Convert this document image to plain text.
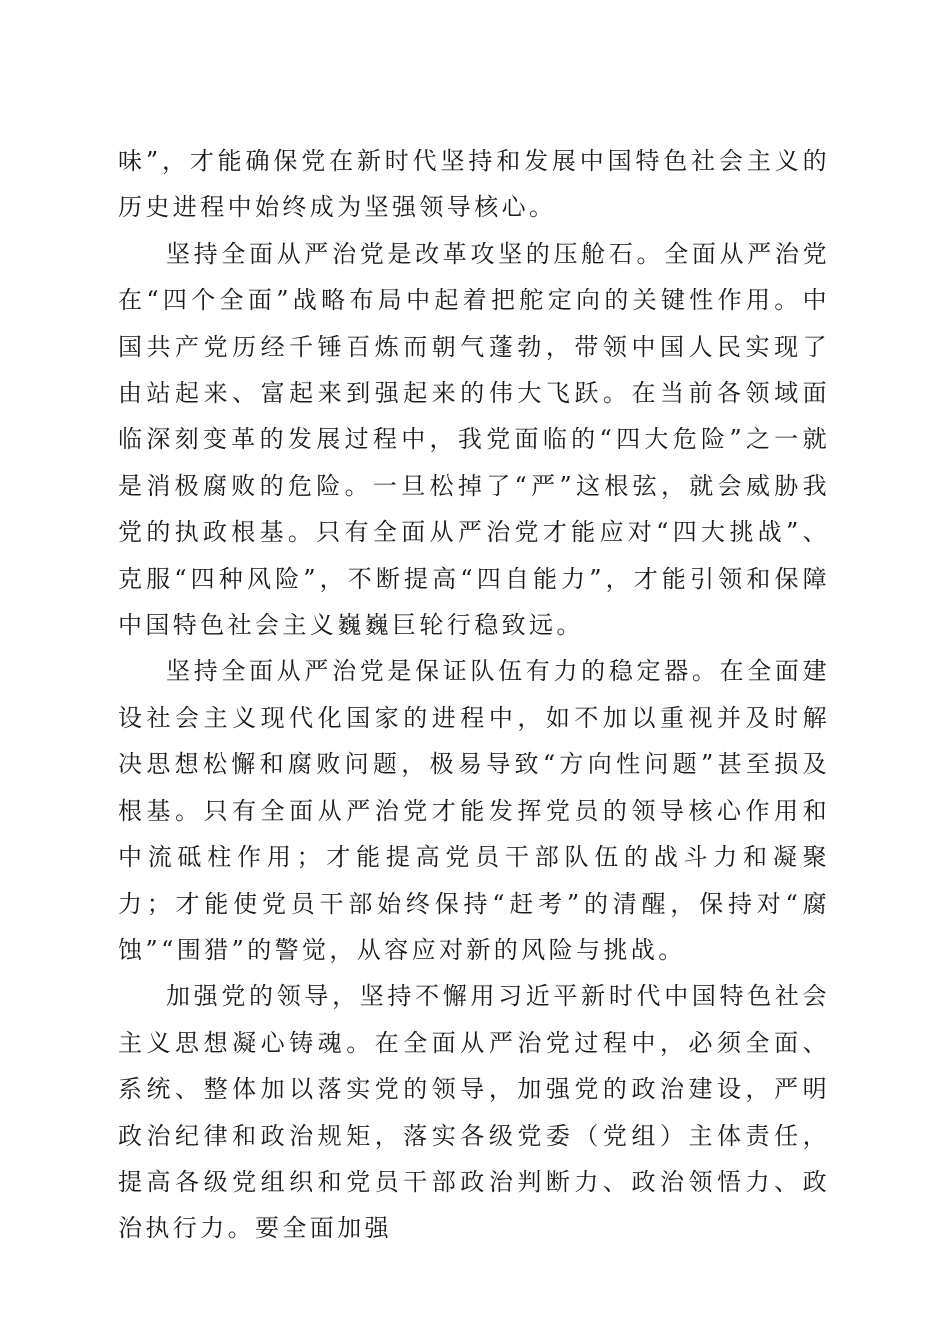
味”，才能确保党在新时代坚持和发展中国特色社会主义的历史进程中始终成为坚强领导核心。

坚持全面从严治党是改革攻坚的压舱石。全面从严治党在“四个全面”战略布局中起着把舵定向的关键性作用。中国共产党历经千锤百炼而朝气蓬勃，带领中国人民实现了由站起来、富起来到强起来的伟大飞跃。在当前各领域面临深刻变革的发展过程中，我党面临的“四大危险”之一就是消极腐败的危险。一旦松掉了“严”这根弦，就会威胁我党的执政根基。只有全面从严治党才能应对“四大挑战”、克服“四种风险”，不断提高“四自能力”，才能引领和保障中国特色社会主义巍巍巨轮行稳致远。

坚持全面从严治党是保证队伍有力的稳定器。在全面建设社会主义现代化国家的进程中，如不加以重视并及时解决思想松懈和腐败问题，极易导致“方向性问题”甚至损及根基。只有全面从严治党才能发挥党员的领导核心作用和中流砥柱作用；才能提高党员干部队伍的战斗力和凝聚力；才能使党员干部始终保持“赶考”的清醒，保持对“腐蚀”“围猎”的警觉，从容应对新的风险与挑战。

加强党的领导，坚持不懈用习近平新时代中国特色社会主义思想凝心铸魂。在全面从严治党过程中，必须全面、系统、整体加以落实党的领导，加强党的政治建设，严明政治纪律和政治规矩，落实各级党委（党组）主体责任，提高各级党组织和党员干部政治判断力、政治领悟力、政治执行力。要全面加强
